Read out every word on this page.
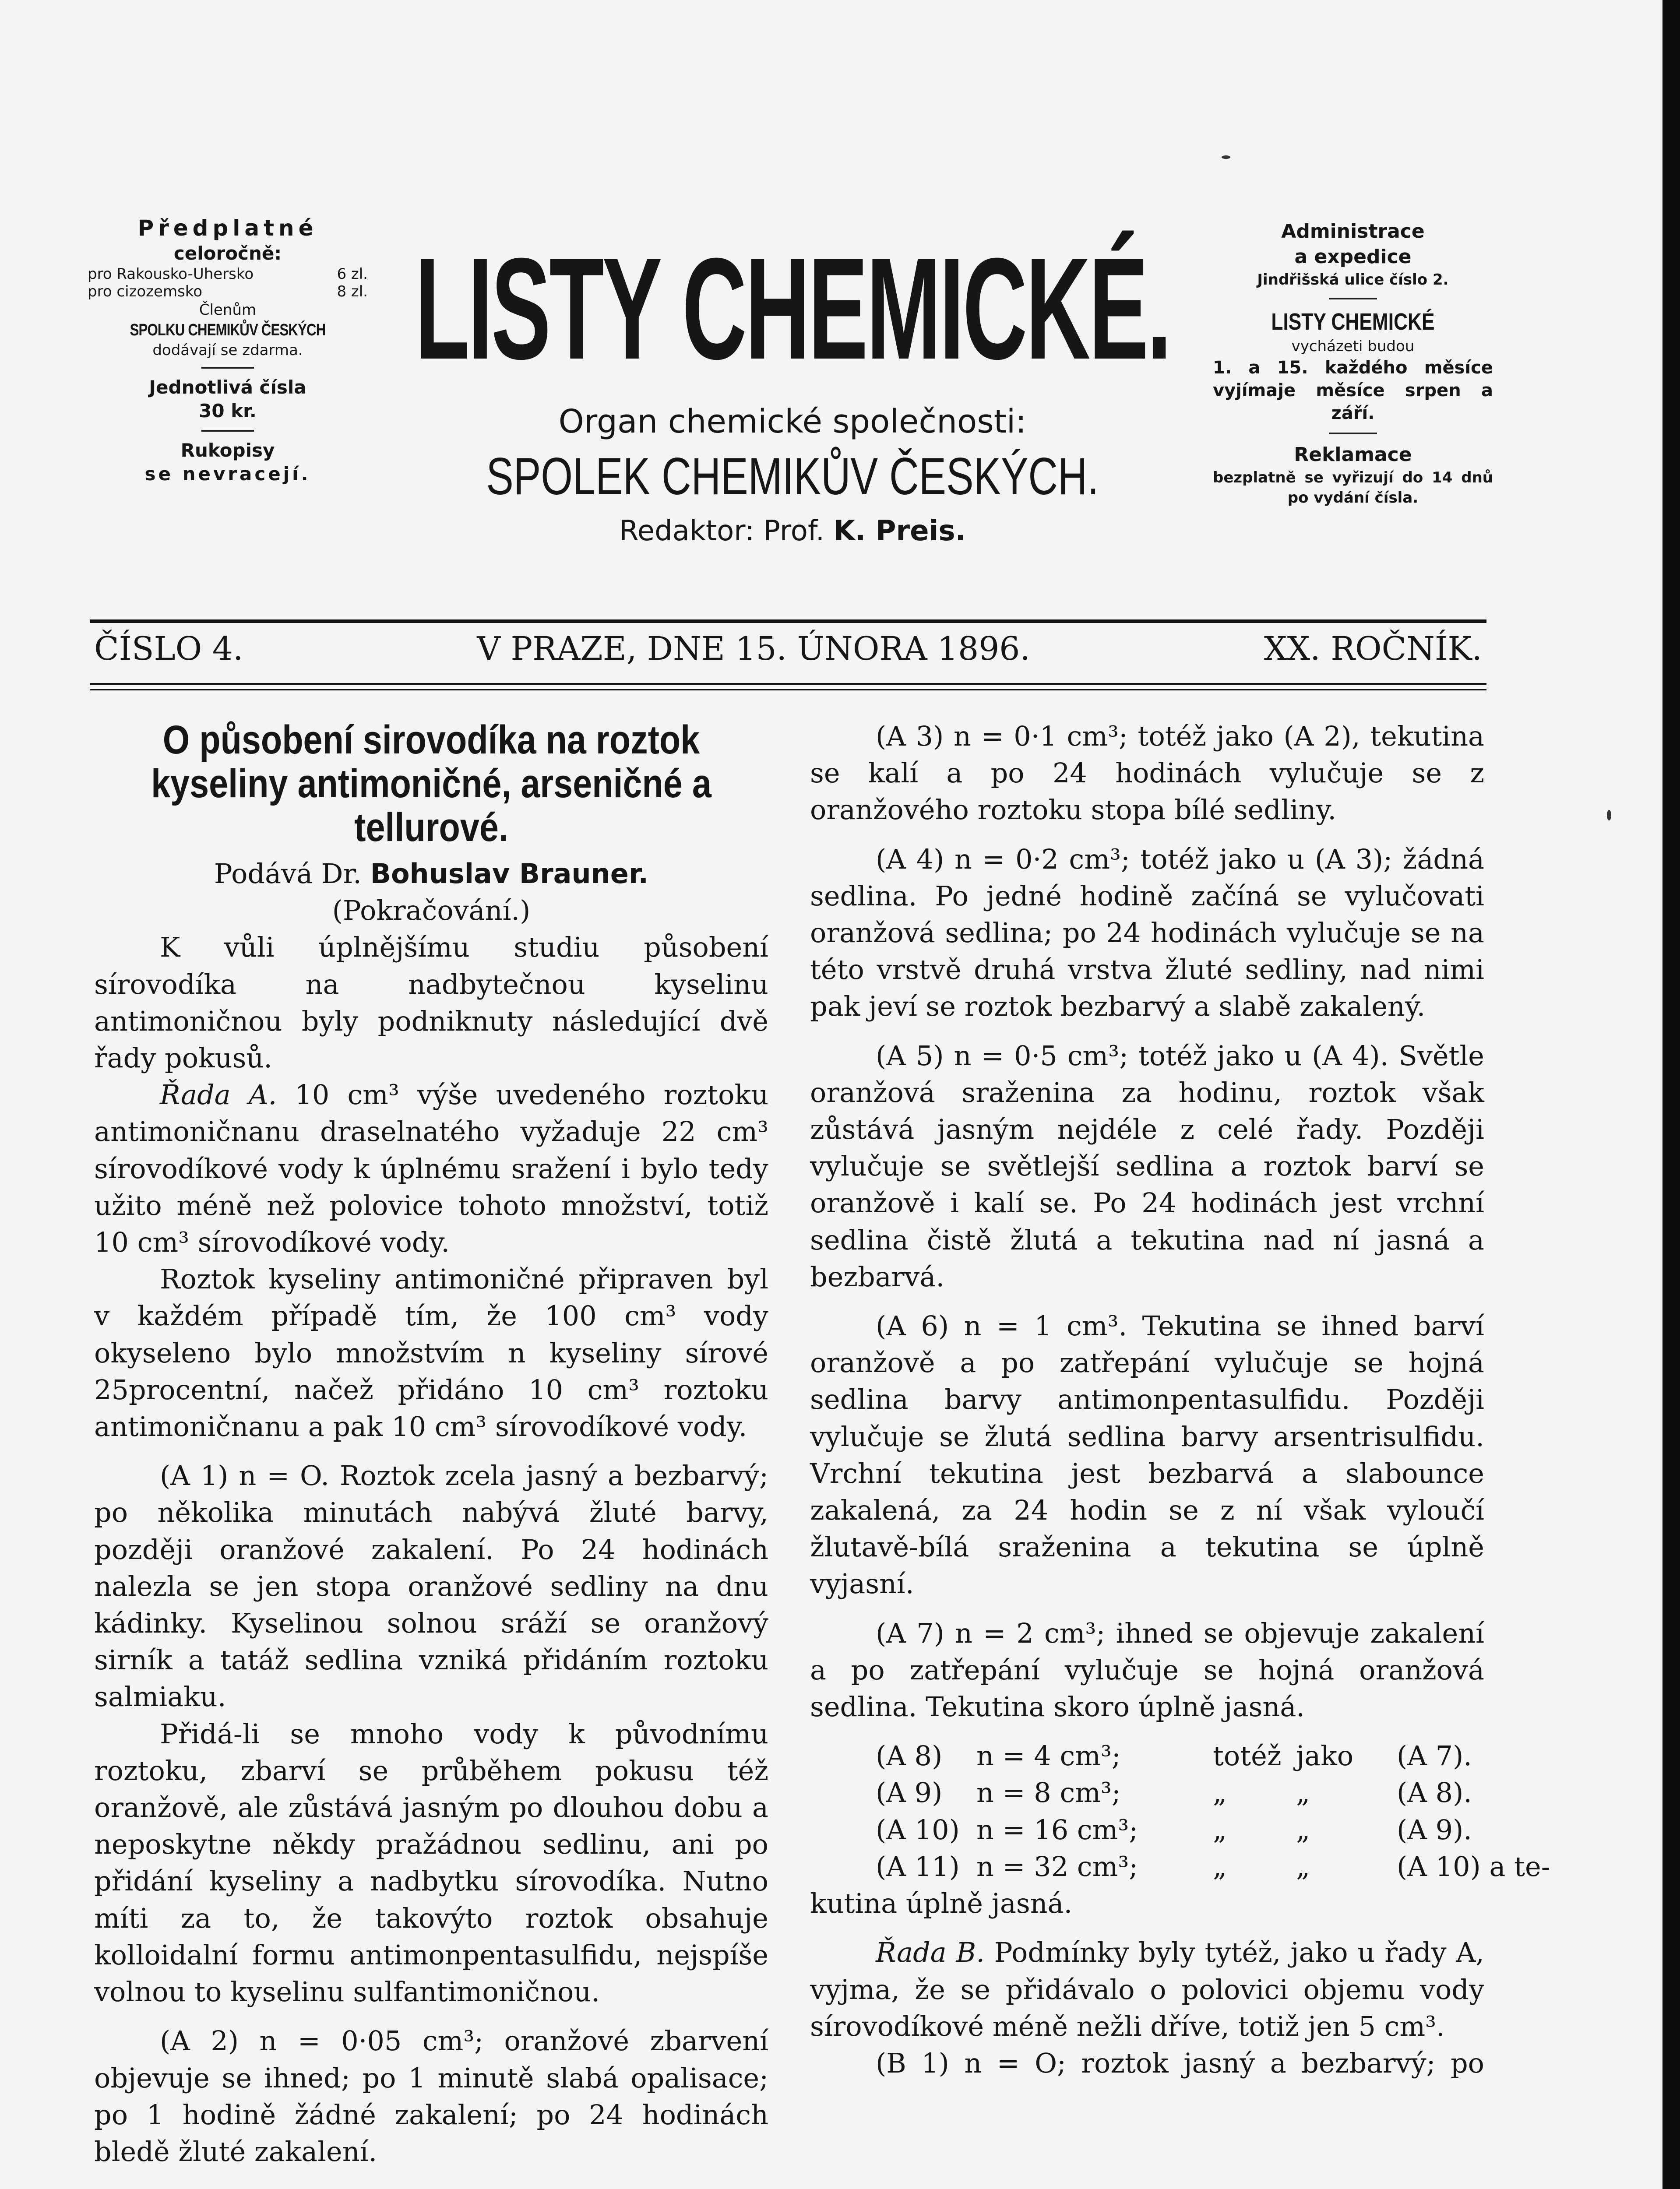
Předplatné
celoročně:
pro Rakousko-Uhersko	6 zl.
pro cizozemsko	8 zl.
Členům
SPOLKU CHEMIKŮV ČESKÝCH
dodávají se zdarma.
Jednotlivá čísla
30 kr.
Rukopisy
se nevracejí.
LISTY CHEMICKÉ.
Organ chemické společnosti:
SPOLEK CHEMIKŮV ČESKÝCH.
Redaktor: Prof. K. Preis.
Administrace
a expedice
Jindřišská ulice číslo 2.
LISTY CHEMICKÉ
vycházeti budou
1. a 15. každého měsíce vyjímaje měsíce srpen a září.
Reklamace
bezplatně se vyřizují do 14 dnů po vydání čísla.
ČÍSLO 4.	V PRAZE, DNE 15. ÚNORA 1896.	XX. ROČNÍK.
O působení sirovodíka na roztok kyseliny antimoničné, arseničné a tellurové.

Podává Dr. Bohuslav Brauner.

(Pokračování.)

K vůli úplnějšímu studiu působení sírovodíka na nadbytečnou kyselinu antimoničnou byly podniknuty následující dvě řady pokusů.

Řada A. 10 cm³ výše uvedeného roztoku antimoničnanu draselnatého vyžaduje 22 cm³ sírovodíkové vody k úplnému sražení i bylo tedy užito méně než polovice tohoto množství, totiž 10 cm³ sírovodíkové vody.

Roztok kyseliny antimoničné připraven byl v každém případě tím, že 100 cm³ vody okyseleno bylo množstvím n kyseliny sírové 25procentní, načež přidáno 10 cm³ roztoku antimoničnanu a pak 10 cm³ sírovodíkové vody.

(A 1) n = O. Roztok zcela jasný a bezbarvý; po několika minutách nabývá žluté barvy, později oranžové zakalení. Po 24 hodinách nalezla se jen stopa oranžové sedliny na dnu kádinky. Kyselinou solnou sráží se oranžový sirník a tatáž sedlina vzniká přidáním roztoku salmiaku.

Přidá-li se mnoho vody k původnímu roztoku, zbarví se průběhem pokusu též oranžově, ale zůstává jasným po dlouhou dobu a neposkytne někdy pražádnou sedlinu, ani po přidání kyseliny a nadbytku sírovodíka. Nutno míti za to, že takovýto roztok obsahuje kolloidalní formu antimonpentasulfidu, nejspíše volnou to kyselinu sulfantimoničnou.

(A 2) n = 0·05 cm³; oranžové zbarvení objevuje se ihned; po 1 minutě slabá opalisace; po 1 hodině žádné zakalení; po 24 hodinách bledě žluté zakalení.

(A 3) n = 0·1 cm³; totéž jako (A 2), tekutina se kalí a po 24 hodinách vylučuje se z oranžového roztoku stopa bílé sedliny.

(A 4) n = 0·2 cm³; totéž jako u (A 3); žádná sedlina. Po jedné hodině začíná se vylučovati oranžová sedlina; po 24 hodinách vylučuje se na této vrstvě druhá vrstva žluté sedliny, nad nimi pak jeví se roztok bezbarvý a slabě zakalený.

(A 5) n = 0·5 cm³; totéž jako u (A 4). Světle oranžová sraženina za hodinu, roztok však zůstává jasným nejdéle z celé řady. Později vylučuje se světlejší sedlina a roztok barví se oranžově i kalí se. Po 24 hodinách jest vrchní sedlina čistě žlutá a tekutina nad ní jasná a bezbarvá.

(A 6) n = 1 cm³. Tekutina se ihned barví oranžově a po zatřepání vylučuje se hojná sedlina barvy antimonpentasulfidu. Později vylučuje se žlutá sedlina barvy arsentrisulfidu. Vrchní tekutina jest bezbarvá a slabounce zakalená, za 24 hodin se z ní však vyloučí žlutavě-bílá sraženina a tekutina se úplně vyjasní.

(A 7) n = 2 cm³; ihned se objevuje zakalení a po zatřepání vylučuje se hojná oranžová sedlina. Tekutina skoro úplně jasná.

(A 8)	n = 4 cm³;	totéž jako	(A 7).
(A 9)	n = 8 cm³;	„	„	(A 8).
(A 10) n = 16 cm³;	„	„	(A 9).
(A 11) n = 32 cm³;	„	„	(A 10) a te-

kutina úplně jasná.

Řada B. Podmínky byly tytéž, jako u řady A, vyjma, že se přidávalo o polovici objemu vody sírovodíkové méně nežli dříve, totiž jen 5 cm³.

(B 1) n = O; roztok jasný a bezbarvý; po
